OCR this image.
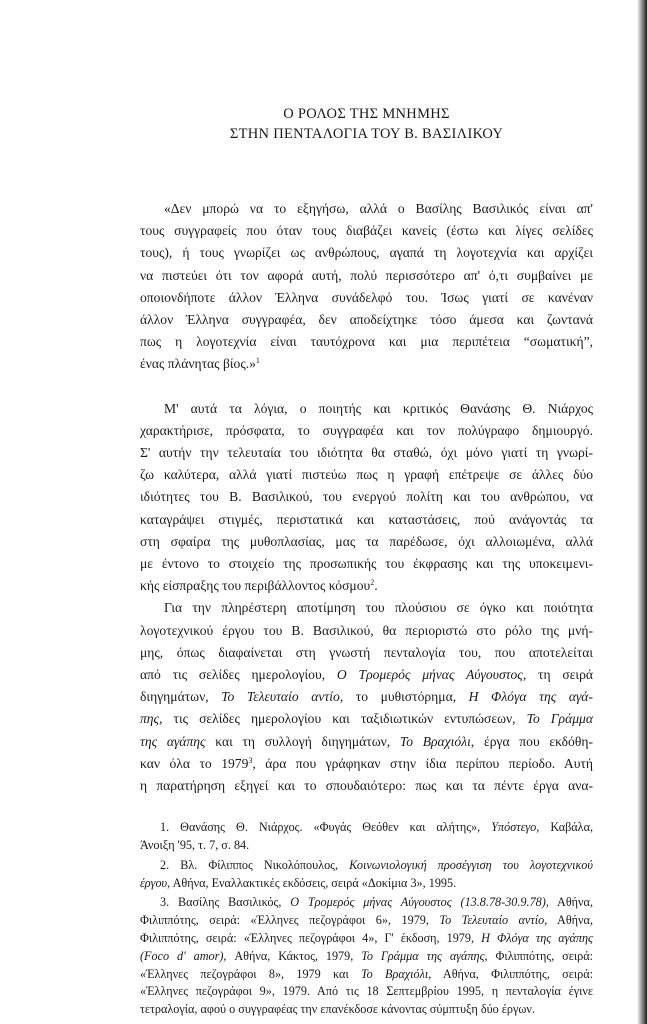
Ο ΡΟΛΟΣ ΤΗΣ ΜΝΗΜΗΣ
ΣΤΗΝ ΠΕΝΤΑΛΟΓΙΑ ΤΟΥ Β. ΒΑΣΙΛΙΚΟΥ
«Δεν μπορώ να το εξηγήσω, αλλά ο Βασίλης Βασιλικός είναι απ'
τους συγγραφείς που όταν τους διαβάζει κανείς (έστω και λίγες σελίδες
τους), ή τους γνωρίζει ως ανθρώπους, αγαπά τη λογοτεχνία και αρχίζει
να πιστεύει ότι τον αφορά αυτή, πολύ περισσότερο απ' ό,τι συμβαίνει με
οποιονδήποτε άλλον Έλληνα συνάδελφό του. Ίσως γιατί σε κανέναν
άλλον Έλληνα συγγραφέα, δεν αποδείχτηκε τόσο άμεσα και ζωντανά
πως η λογοτεχνία είναι ταυτόχρονα και μια περιπέτεια “σωματική”,
ένας πλάνητας βίος.»$^1$
Μ' αυτά τα λόγια, ο ποιητής και κριτικός Θανάσης Θ. Νιάρχος
χαρακτήρισε, πρόσφατα, το συγγραφέα και τον πολύγραφο δημιουργό.
Σ' αυτήν την τελευταία του ιδιότητα θα σταθώ, όχι μόνο γιατί τη γνωρί-
ζω καλύτερα, αλλά γιατί πιστεύω πως η γραφή επέτρεψε σε άλλες δύο
ιδιότητες του Β. Βασιλικού, του ενεργού πολίτη και του ανθρώπου, να
καταγράψει στιγμές, περιστατικά και καταστάσεις, πού ανάγοντάς τα
στη σφαίρα της μυθοπλασίας, μας τα παρέδωσε, όχι αλλοιωμένα, αλλά
με έντονο το στοιχείο της προσωπικής του έκφρασης και της υποκειμενι-
κής είσπραξης του περιβάλλοντος κόσμου$^2$.
Για την πληρέστερη αποτίμηση του πλούσιου σε όγκο και ποιότητα
λογοτεχνικού έργου του Β. Βασιλικού, θα περιοριστώ στο ρόλο της μνή-
μης, όπως διαφαίνεται στη γνωστή πενταλογία του, που αποτελείται
από τις σελίδες ημερολογίου, Ο Τρομερός μήνας Αύγουστος, τη σειρά
διηγημάτων, Το Τελευταίο αντίο, το μυθιστόρημα, Η Φλόγα της αγά-
πης, τις σελίδες ημερολογίου και ταξιδιωτικών εντυπώσεων, Το Γράμμα
της αγάπης και τη συλλογή διηγημάτων, Το Βραχιόλι, έργα που εκδόθη-
καν όλα το 1979$^3$, άρα που γράφηκαν στην ίδια περίπου περίοδο. Αυτή
η παρατήρηση εξηγεί και το σπουδαιότερο: πως και τα πέντε έργα ανα-
1. Θανάσης Θ. Νιάρχος. «Φυγάς Θεόθεν και αλήτης», Υπόστεγο, Καβάλα,
Άνοιξη '95, τ. 7, σ. 84.
2. Βλ. Φίλιππος Νικολόπουλος, Κοινωνιολογική προσέγγιση του λογοτεχνικού
έργου, Αθήνα, Εναλλακτικές εκδόσεις, σειρά «Δοκίμια 3», 1995.
3. Βασίλης Βασιλικός, Ο Τρομερός μήνας Αύγουστος (13.8.78-30.9.78), Αθήνα,
Φιλιππότης, σειρά: «Έλληνες πεζογράφοι 6», 1979, Το Τελευταίο αντίο, Αθήνα,
Φιλιππότης, σειρά: «Έλληνες πεζογράφοι 4», Γ' έκδοση, 1979, Η Φλόγα της αγάπης
(Foco d' amor), Αθήνα, Κάκτος, 1979, Το Γράμμα της αγάπης, Φιλιππότης, σειρά:
«Έλληνες πεζογράφοι 8», 1979 και Το Βραχιόλι, Αθήνα, Φιλιππότης, σειρά:
«Έλληνες πεζογράφοι 9», 1979. Από τις 18 Σεπτεμβρίου 1995, η πενταλογία έγινε
τετραλογία, αφού ο συγγραφέας την επανέκδοσε κάνοντας σύμπτυξη δύο έργων.
